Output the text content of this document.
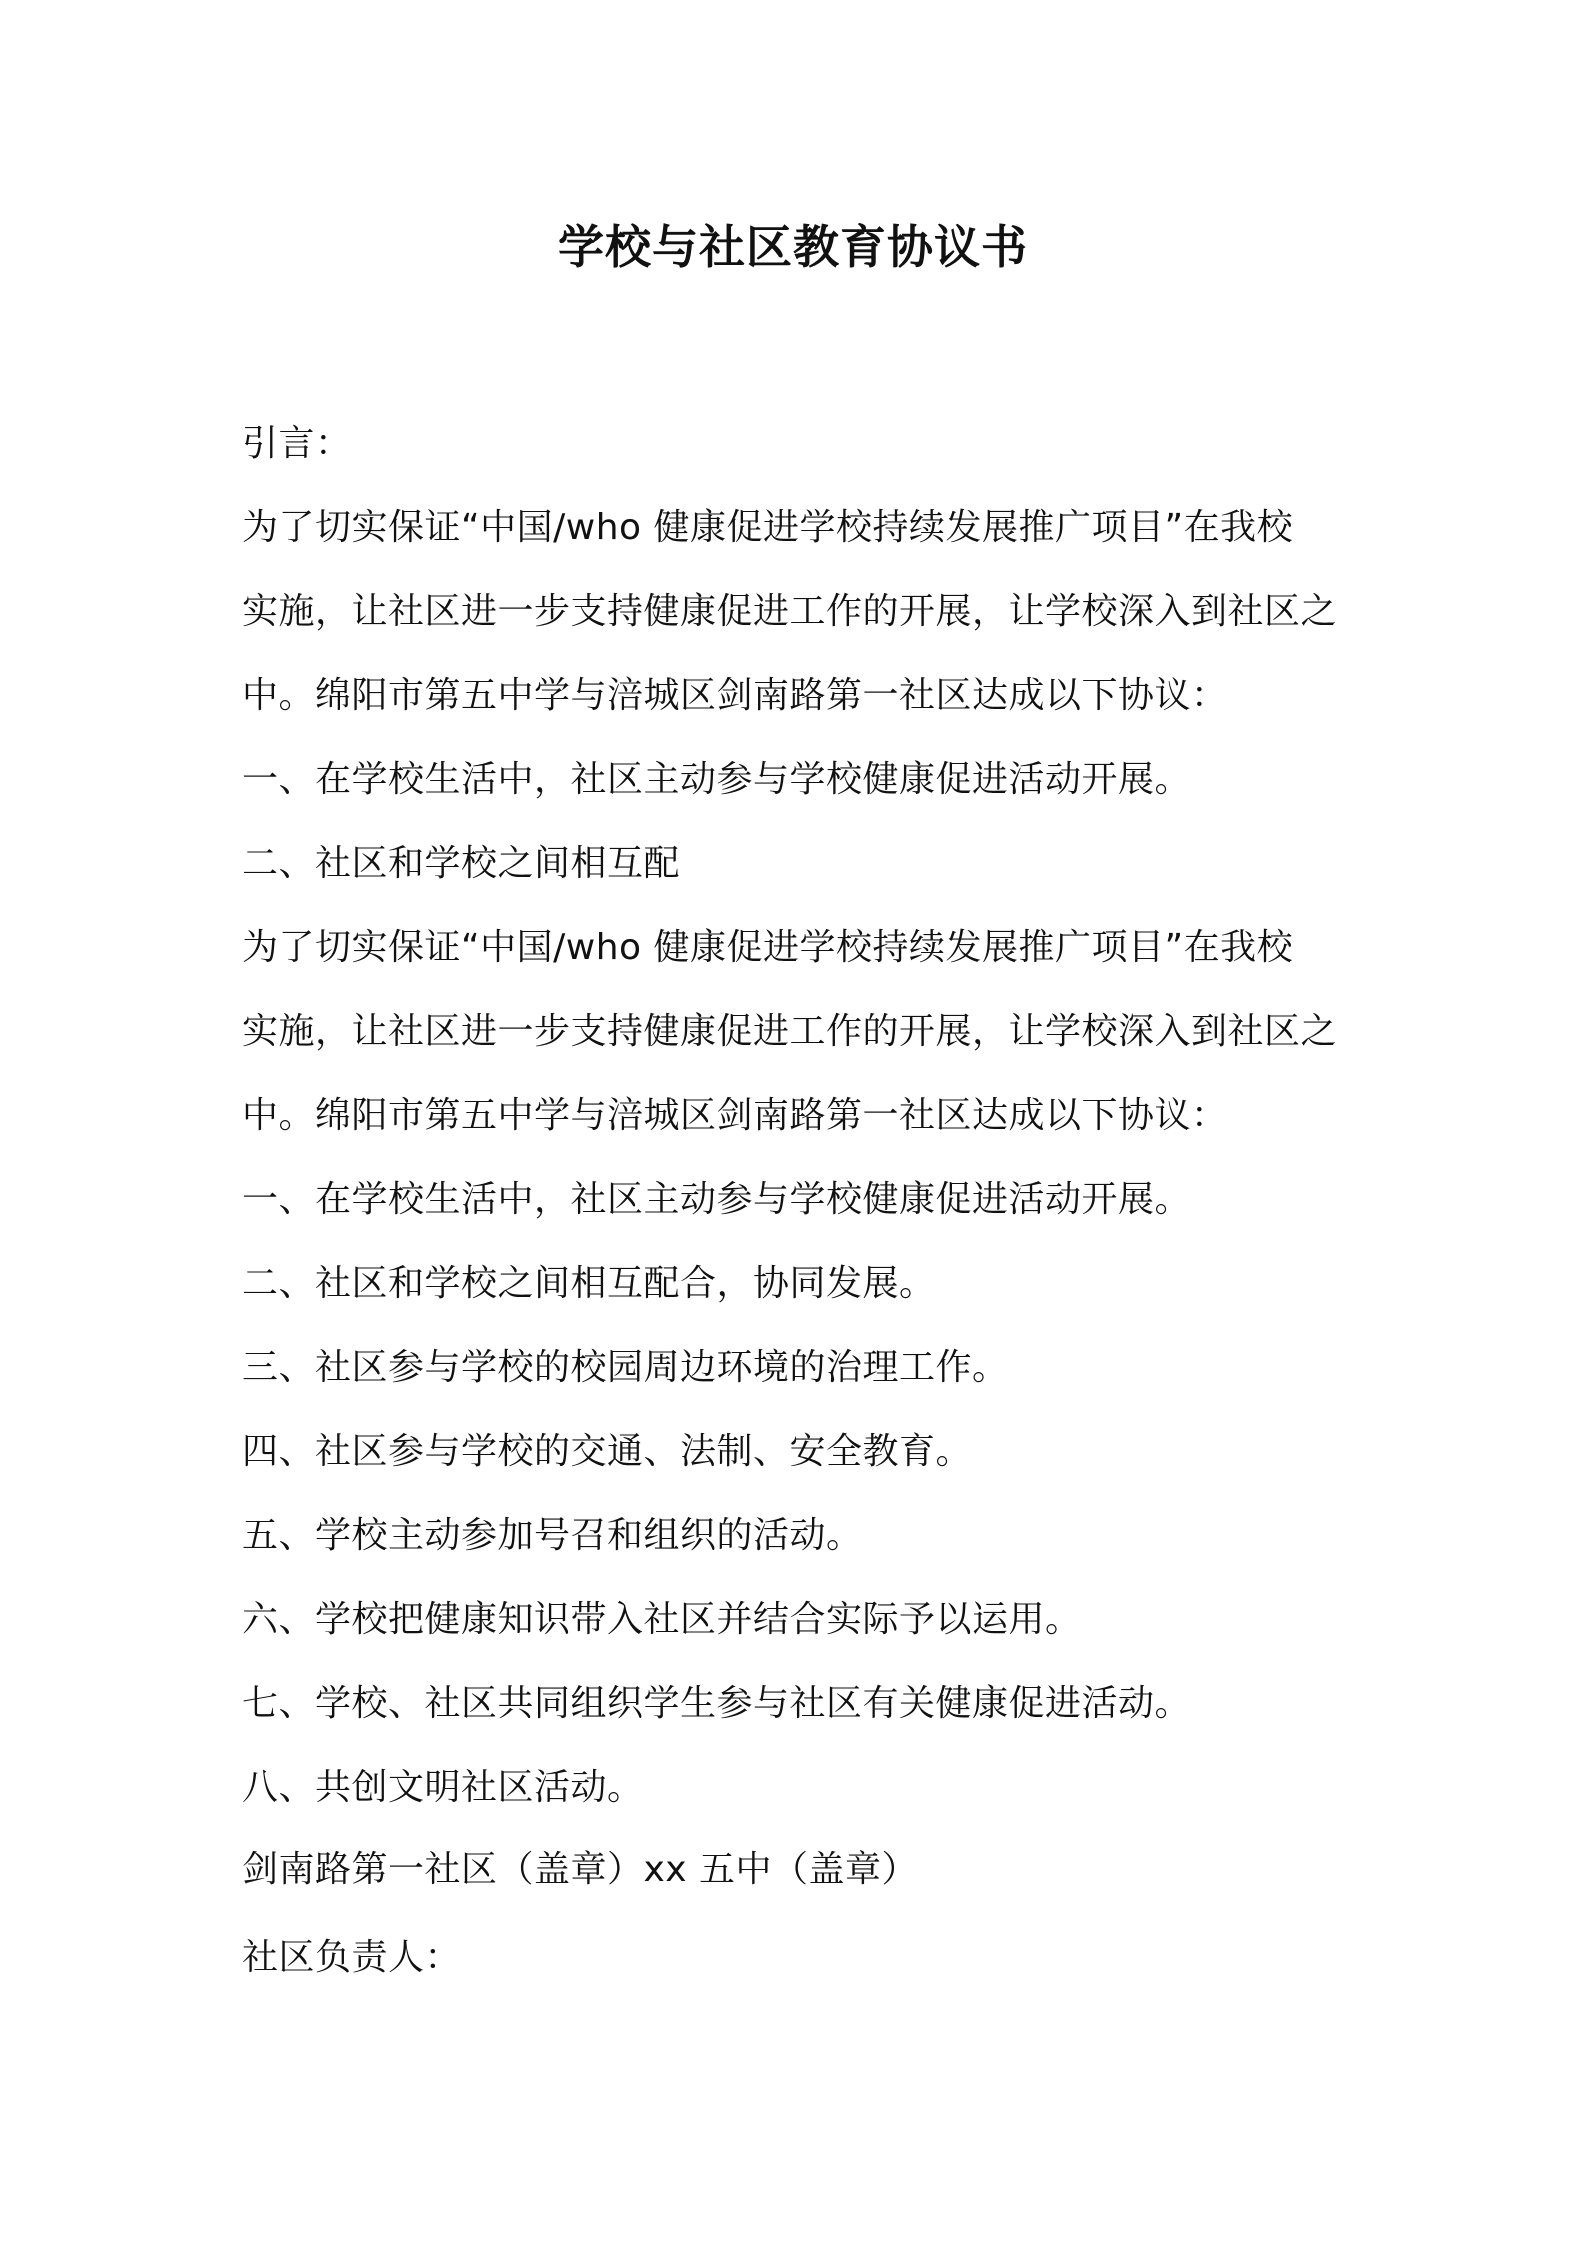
学校与社区教育协议书
引言：
为了切实保证“中国/who 健康促进学校持续发展推广项目”在我校
实施，让社区进一步支持健康促进工作的开展，让学校深入到社区之
中。绵阳市第五中学与涪城区剑南路第一社区达成以下协议：
一、在学校生活中，社区主动参与学校健康促进活动开展。
二、社区和学校之间相互配
为了切实保证“中国/who 健康促进学校持续发展推广项目”在我校
实施，让社区进一步支持健康促进工作的开展，让学校深入到社区之
中。绵阳市第五中学与涪城区剑南路第一社区达成以下协议：
一、在学校生活中，社区主动参与学校健康促进活动开展。
二、社区和学校之间相互配合，协同发展。
三、社区参与学校的校园周边环境的治理工作。
四、社区参与学校的交通、法制、安全教育。
五、学校主动参加号召和组织的活动。
六、学校把健康知识带入社区并结合实际予以运用。
七、学校、社区共同组织学生参与社区有关健康促进活动。
八、共创文明社区活动。
剑南路第一社区（盖章）xx 五中（盖章）
社区负责人：
